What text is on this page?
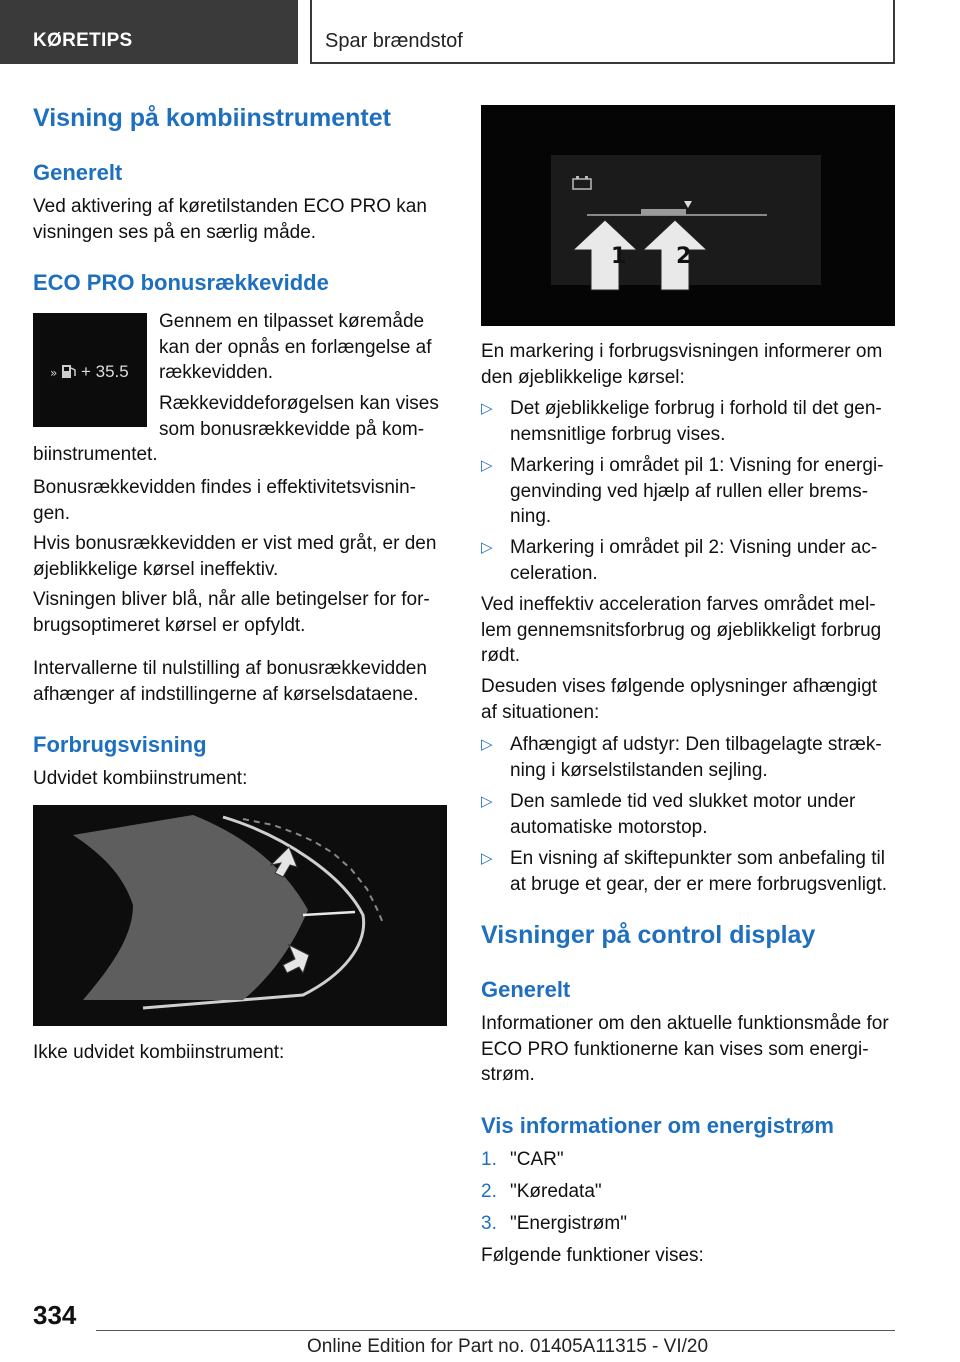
KØRETIPS	Spar brændstof
Visning på kombiinstrumentet
Generelt
Ved aktivering af køretilstanden ECO PRO kan
visningen ses på en særlig måde.
ECO PRO bonusrækkevidde
» + 35.5
Gennem en tilpasset køremåde
kan der opnås en forlængelse af
rækkevidden.
Rækkeviddeforøgelsen kan vises
som bonusrækkevidde på kom-
biinstrumentet.
Bonusrækkevidden findes i effektivitetsvisnin-
gen.
Hvis bonusrækkevidden er vist med gråt, er den
øjeblikkelige kørsel ineffektiv.
Visningen bliver blå, når alle betingelser for for-
brugsoptimeret kørsel er opfyldt.
Intervallerne til nulstilling af bonusrækkevidden
afhænger af indstillingerne af kørselsdataene.
Forbrugsvisning
Udvidet kombiinstrument:
Ikke udvidet kombiinstrument:
1 2
En markering i forbrugsvisningen informerer om
den øjeblikkelige kørsel:
▷ Det øjeblikkelige forbrug i forhold til det gen-
nemsnitlige forbrug vises.
▷ Markering i området pil 1: Visning for energi-
genvinding ved hjælp af rullen eller brems-
ning.
▷ Markering i området pil 2: Visning under ac-
celeration.
Ved ineffektiv acceleration farves området mel-
lem gennemsnitsforbrug og øjeblikkeligt forbrug
rødt.
Desuden vises følgende oplysninger afhængigt
af situationen:
▷ Afhængigt af udstyr: Den tilbagelagte stræk-
ning i kørselstilstanden sejling.
▷ Den samlede tid ved slukket motor under
automatiske motorstop.
▷ En visning af skiftepunkter som anbefaling til
at bruge et gear, der er mere forbrugsvenligt.
Visninger på control display
Generelt
Informationer om den aktuelle funktionsmåde for
ECO PRO funktionerne kan vises som energi-
strøm.
Vis informationer om energistrøm
1. "CAR"
2. "Køredata"
3. "Energistrøm"
Følgende funktioner vises:
334
Online Edition for Part no. 01405A11315 - VI/20
